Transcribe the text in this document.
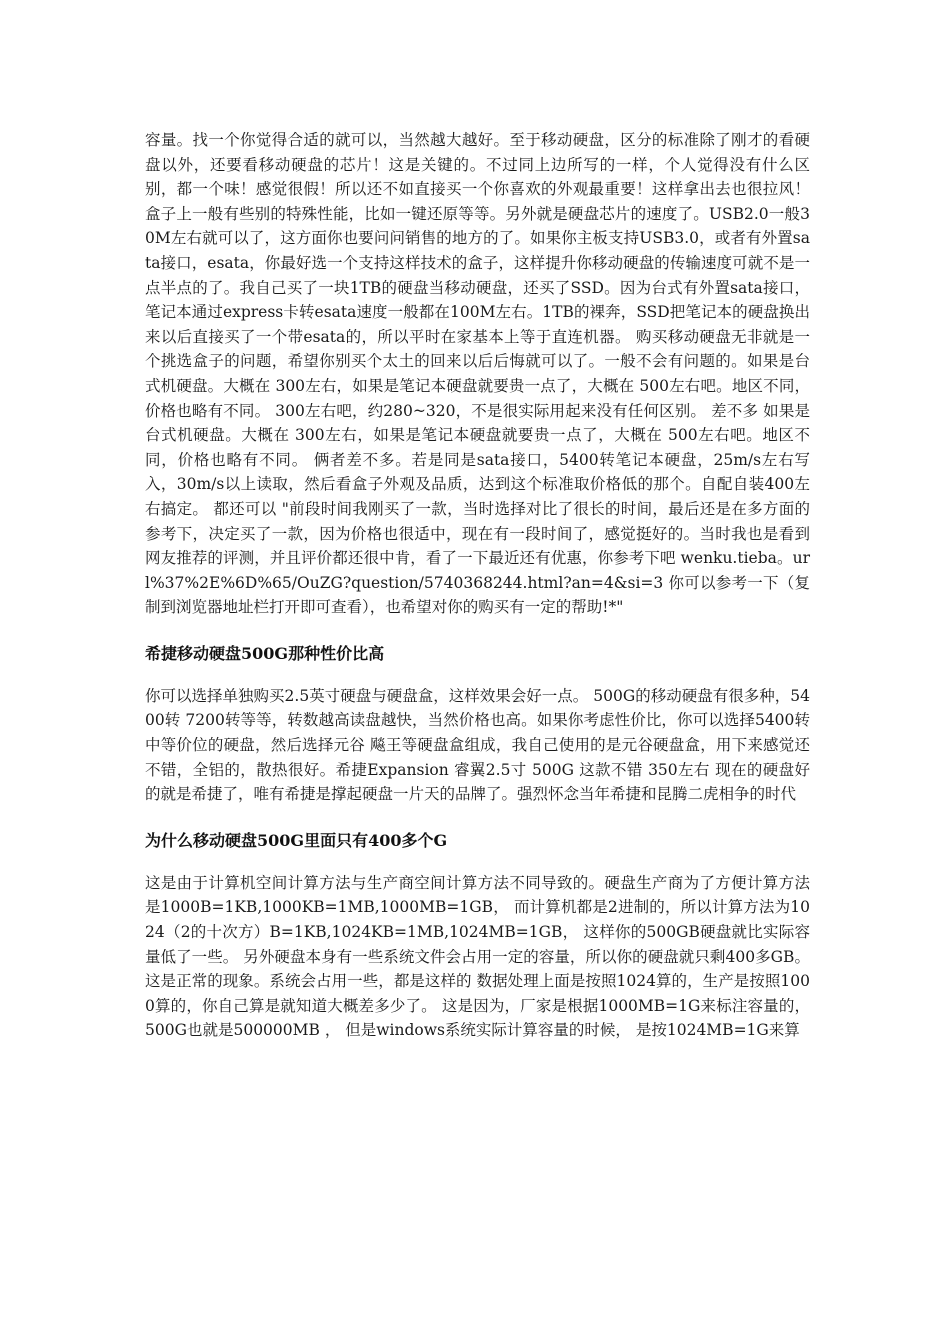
容量。找一个你觉得合适的就可以，当然越大越好。至于移动硬盘，区分的标准除了刚才的看硬盘以外，还要看移动硬盘的芯片！这是关键的。不过同上边所写的一样，个人觉得没有什么区别，都一个味！感觉很假！所以还不如直接买一个你喜欢的外观最重要！这样拿出去也很拉风！ 盒子上一般有些别的特殊性能，比如一键还原等等。另外就是硬盘芯片的速度了。USB2.0一般30M左右就可以了，这方面你也要问问销售的地方的了。如果你主板支持USB3.0，或者有外置sata接口，esata，你最好选一个支持这样技术的盒子，这样提升你移动硬盘的传输速度可就不是一点半点的了。我自己买了一块1TB的硬盘当移动硬盘，还买了SSD。因为台式有外置sata接口，笔记本通过express卡转esata速度一般都在100M左右。1TB的裸奔，SSD把笔记本的硬盘换出来以后直接买了一个带esata的，所以平时在家基本上等于直连机器。 购买移动硬盘无非就是一个挑选盒子的问题，希望你别买个太土的回来以后后悔就可以了。一般不会有问题的。如果是台式机硬盘。大概在 300左右，如果是笔记本硬盘就要贵一点了，大概在 500左右吧。地区不同，价格也略有不同。 300左右吧，约280~320，不是很实际用起来没有任何区别。 差不多 如果是台式机硬盘。大概在 300左右，如果是笔记本硬盘就要贵一点了，大概在 500左右吧。地区不同，价格也略有不同。 俩者差不多。若是同是sata接口，5400转笔记本硬盘，25m/s左右写入，30m/s以上读取，然后看盒子外观及品质，达到这个标准取价格低的那个。自配自装400左右搞定。 都还可以 "前段时间我刚买了一款，当时选择对比了很长的时间，最后还是在多方面的参考下，决定买了一款，因为价格也很适中，现在有一段时间了，感觉挺好的。当时我也是看到网友推荐的评测，并且评价都还很中肯，看了一下最近还有优惠，你参考下吧 wenku.tieba。url%37%2E%6D%65/OuZG?question/5740368244.html?an=4&si=3 你可以参考一下（复制到浏览器地址栏打开即可查看），也希望对你的购买有一定的帮助!*"

希捷移动硬盘500G那种性价比高

你可以选择单独购买2.5英寸硬盘与硬盘盒，这样效果会好一点。 500G的移动硬盘有很多种，5400转 7200转等等，转数越高读盘越快，当然价格也高。如果你考虑性价比，你可以选择5400转中等价位的硬盘，然后选择元谷 飚王等硬盘盒组成，我自己使用的是元谷硬盘盒，用下来感觉还不错，全铝的，散热很好。希捷Expansion 睿翼2.5寸 500G 这款不错 350左右 现在的硬盘好的就是希捷了，唯有希捷是撑起硬盘一片天的品牌了。强烈怀念当年希捷和昆腾二虎相争的时代

为什么移动硬盘500G里面只有400多个G

这是由于计算机空间计算方法与生产商空间计算方法不同导致的。硬盘生产商为了方便计算方法是1000B=1KB,1000KB=1MB,1000MB=1GB， 而计算机都是2进制的，所以计算方法为1024（2的十次方）B=1KB,1024KB=1MB,1024MB=1GB， 这样你的500GB硬盘就比实际容量低了一些。 另外硬盘本身有一些系统文件会占用一定的容量，所以你的硬盘就只剩400多GB。这是正常的现象。系统会占用一些，都是这样的 数据处理上面是按照1024算的，生产是按照1000算的，你自己算是就知道大概差多少了。 这是因为，厂家是根据1000MB=1G来标注容量的，500G也就是500000MB ， 但是windows系统实际计算容量的时候， 是按1024MB=1G来算
